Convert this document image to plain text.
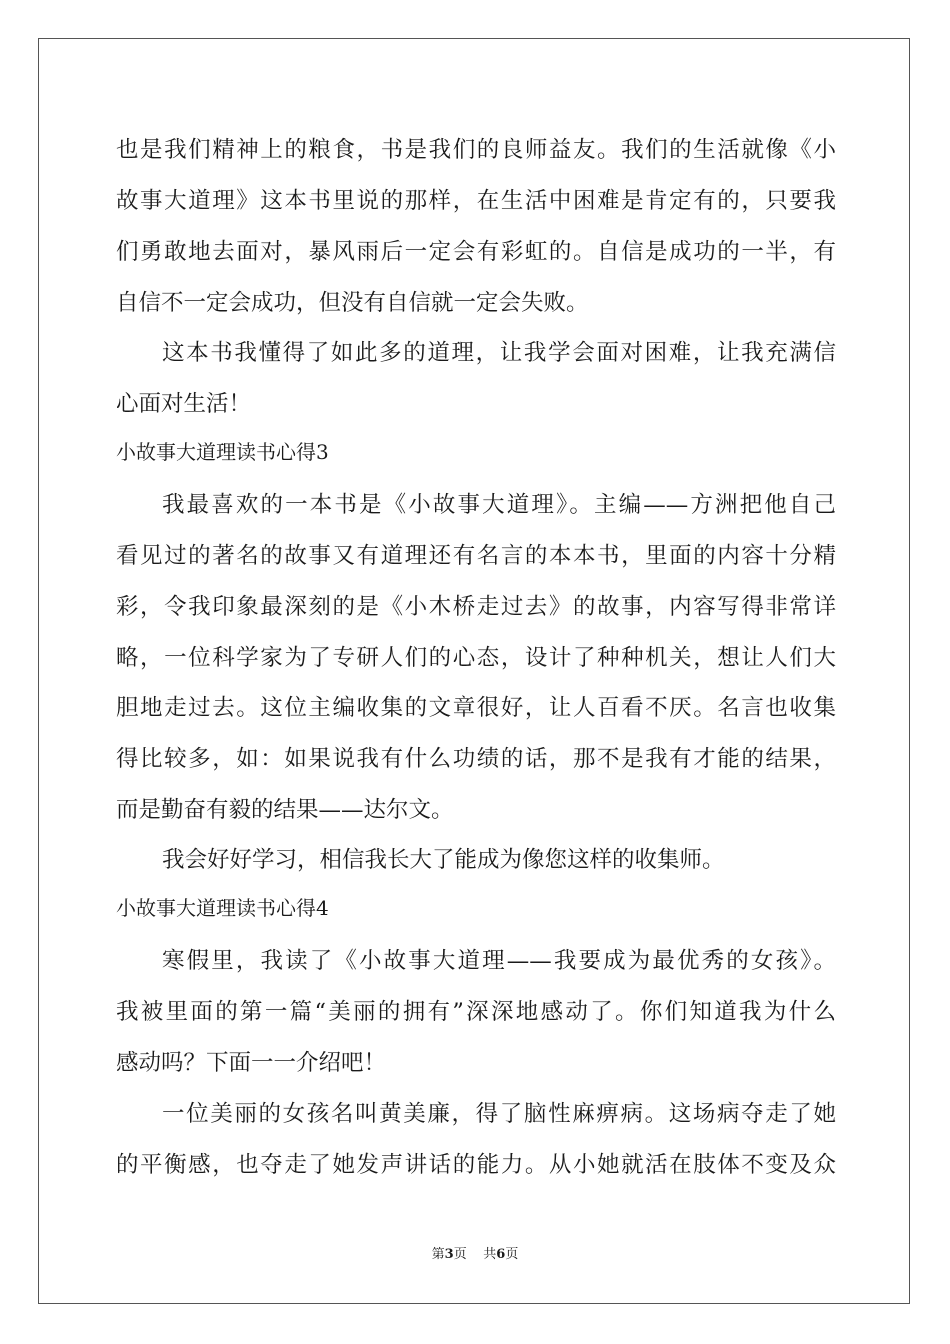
也是我们精神上的粮食，书是我们的良师益友。我们的生活就像《小
故事大道理》这本书里说的那样，在生活中困难是肯定有的，只要我
们勇敢地去面对，暴风雨后一定会有彩虹的。自信是成功的一半，有
自信不一定会成功，但没有自信就一定会失败。
这本书我懂得了如此多的道理，让我学会面对困难，让我充满信
心面对生活！
小故事大道理读书心得3
我最喜欢的一本书是《小故事大道理》。主编——方洲把他自己
看见过的著名的故事又有道理还有名言的本本书，里面的内容十分精
彩，令我印象最深刻的是《小木桥走过去》的故事，内容写得非常详
略，一位科学家为了专研人们的心态，设计了种种机关，想让人们大
胆地走过去。这位主编收集的文章很好，让人百看不厌。名言也收集
得比较多，如：如果说我有什么功绩的话，那不是我有才能的结果，
而是勤奋有毅的结果——达尔文。
我会好好学习，相信我长大了能成为像您这样的收集师。
小故事大道理读书心得4
寒假里，我读了《小故事大道理——我要成为最优秀的女孩》。
我被里面的第一篇“美丽的拥有”深深地感动了。你们知道我为什么
感动吗？下面一一介绍吧！
一位美丽的女孩名叫黄美廉，得了脑性麻痹病。这场病夺走了她
的平衡感，也夺走了她发声讲话的能力。从小她就活在肢体不变及众
第3页 共6页
